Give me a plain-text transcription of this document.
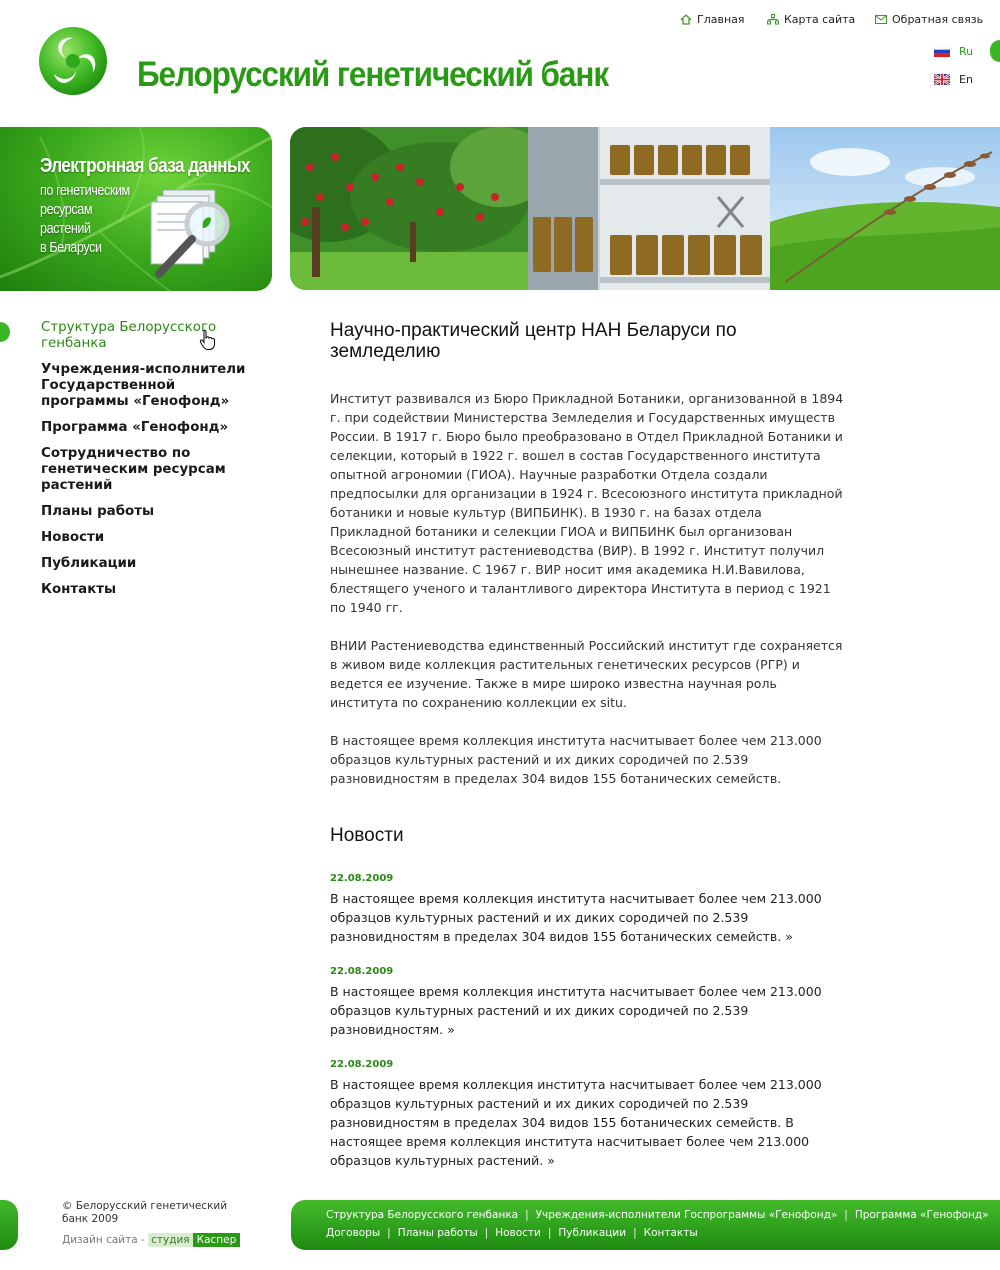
Белорусский генетический банк
Главная	Карта сайта	Обратная связь
Ru
En
Электронная база данных
по генетическим
ресурсам
растений
в Беларуси
Структура Белорусского генбанка
Учреждения-исполнители Государственной программы «Генофонд»
Программа «Генофонд»
Сотрудничество по генетическим ресурсам растений
Планы работы
Новости
Публикации
Контакты
Научно-практический центр НАН Беларуси по земледелию

Институт развивался из Бюро Прикладной Ботаники, организованной в 1894 г. при содействии Министерства Земледелия и Государственных имуществ России. В 1917 г. Бюро было преобразовано в Отдел Прикладной Ботаники и селекции, который в 1922 г. вошел в состав Государственного института опытной агрономии (ГИОА). Научные разработки Отдела создали предпосылки для организации в 1924 г. Всесоюзного института прикладной ботаники и новые культур (ВИПБИНК). В 1930 г. на базах отдела Прикладной ботаники и селекции ГИОА и ВИПБИНК был организован Всесоюзный институт растениеводства (ВИР). В 1992 г. Институт получил нынешнее название. С 1967 г. ВИР носит имя академика Н.И.Вавилова, блестящего ученого и талантливого директора Института в период с 1921 по 1940 гг.

ВНИИ Растениеводства единственный Российский институт где сохраняется в живом виде коллекция растительных генетических ресурсов (РГР) и ведется ее изучение. Также в мире широко известна научная роль института по сохранению коллекции ex situ.

В настоящее время коллекция института насчитывает более чем 213.000 образцов культурных растений и их диких сородичей по 2.539 разновидностям в пределах 304 видов 155 ботанических семейств.

Новости

22.08.2009

В настоящее время коллекция института насчитывает более чем 213.000 образцов культурных растений и их диких сородичей по 2.539 разновидностям в пределах 304 видов 155 ботанических семейств. »

22.08.2009

В настоящее время коллекция института насчитывает более чем 213.000 образцов культурных растений и их диких сородичей по 2.539 разновидностям. »

22.08.2009

В настоящее время коллекция института насчитывает более чем 213.000 образцов культурных растений и их диких сородичей по 2.539 разновидностям в пределах 304 видов 155 ботанических семейств. В настоящее время коллекция института насчитывает более чем 213.000 образцов культурных растений. »

© Белорусский генетический банк 2009
Дизайн сайта - студия Каспер
Структура Белорусского генбанка | Учреждения-исполнители Госпрограммы «Генофонд» | Программа «Генофонд»
Договоры | Планы работы | Новости | Публикации | Контакты
